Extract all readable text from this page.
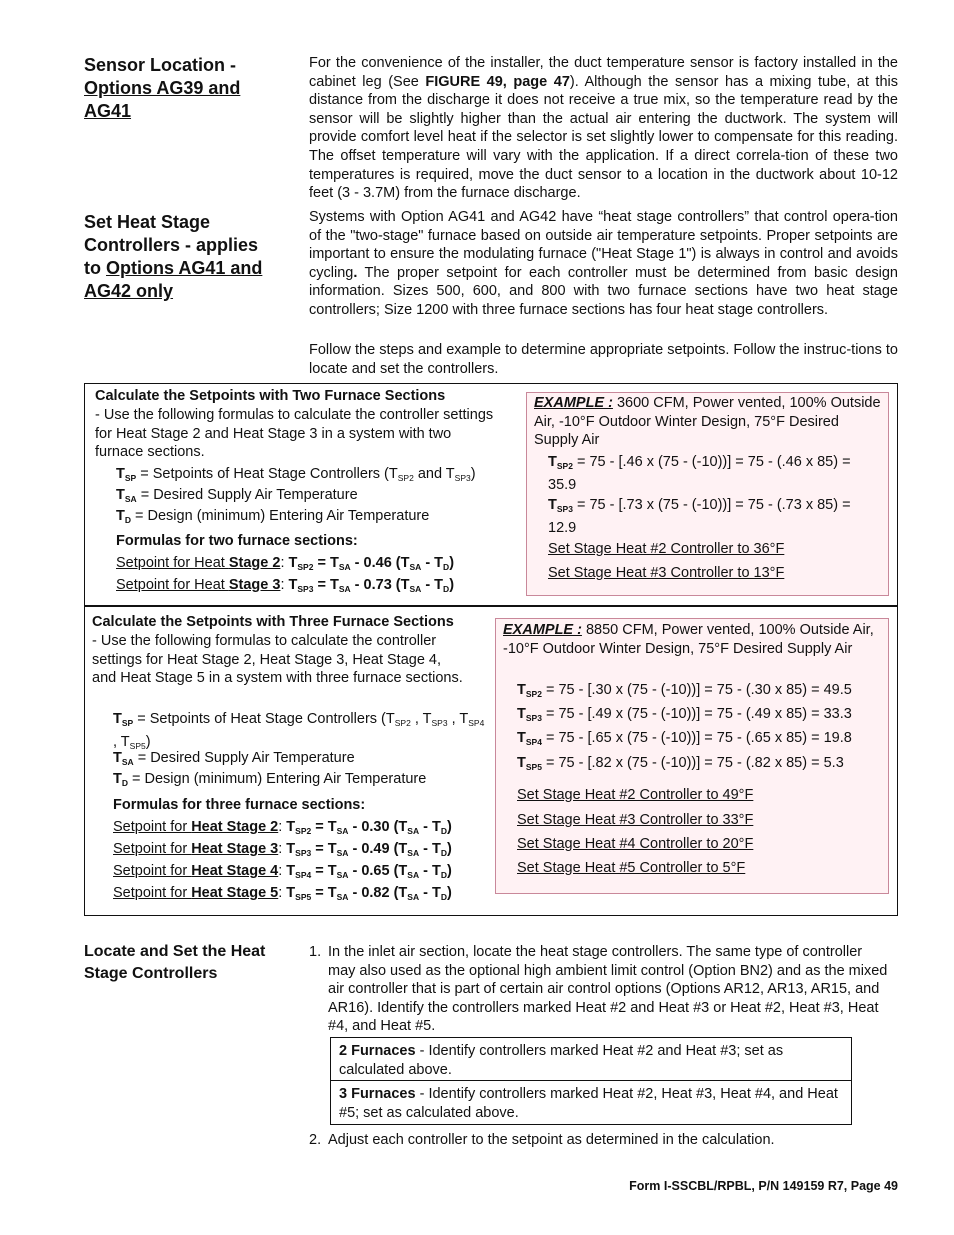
Sensor Location -
Options AG39 and
AG41
For the convenience of the installer, the duct temperature sensor is factory installed in the cabinet leg (See FIGURE 49, page 47). Although the sensor has a mixing tube, at this distance from the discharge it does not receive a true mix, so the temperature read by the sensor will be slightly higher than the actual air entering the ductwork. The system will provide comfort level heat if the selector is set slightly lower to compensate for this reading. The offset temperature will vary with the application. If a direct correla-tion of these two temperatures is required, move the duct sensor to a location in the ductwork about 10-12 feet (3 - 3.7M) from the furnace discharge.
Set Heat Stage
Controllers - applies
to Options AG41 and
AG42 only
Systems with Option AG41 and AG42 have “heat stage controllers” that control opera-tion of the "two-stage" furnace based on outside air temperature setpoints. Proper setpoints are important to ensure the modulating furnace ("Heat Stage 1") is always in control and avoids cycling. The proper setpoint for each controller must be determined from basic design information. Sizes 500, 600, and 800 with two furnace sections have two heat stage controllers; Size 1200 with three furnace sections has four heat stage controllers.
Follow the steps and example to determine appropriate setpoints. Follow the instruc-tions to locate and set the controllers.
Calculate the Setpoints with Two Furnace Sections
- Use the following formulas to calculate the controller settings for Heat Stage 2 and Heat Stage 3 in a system with two furnace sections.
$T_{SP}$ = Setpoints of Heat Stage Controllers ($T_{SP2}$ and $T_{SP3}$)
$T_{SA}$ = Desired Supply Air Temperature
$T_D$ = Design (minimum) Entering Air Temperature
Formulas for two furnace sections:
Setpoint for Heat Stage 2: $T_{SP2} = T_{SA} - 0.46$ $(T_{SA} - T_D)$
Setpoint for Heat Stage 3: $T_{SP3} = T_{SA} - 0.73$ $(T_{SA} - T_D)$
EXAMPLE : 3600 CFM, Power vented, 100% Outside Air, -10°F Outdoor Winter Design, 75°F Desired Supply Air
$T_{SP2} = 75 - [.46$ x (75 - (-10))] = 75 - (.46 x 85) = 35.9
$T_{SP3} = 75 - [.73$ x (75 - (-10))] = 75 - (.73 x 85) = 12.9
Set Stage Heat #2 Controller to 36°F
Set Stage Heat #3 Controller to 13°F
Calculate the Setpoints with Three Furnace Sections
- Use the following formulas to calculate the controller settings for Heat Stage 2, Heat Stage 3, Heat Stage 4, and Heat Stage 5 in a system with three furnace sections.
$T_{SP}$ = Setpoints of Heat Stage Controllers ($T_{SP2}$ , $T_{SP3}$ , $T_{SP4}$ , $T_{SP5}$)
$T_{SA}$ = Desired Supply Air Temperature
$T_D$ = Design (minimum) Entering Air Temperature
Formulas for three furnace sections:
Setpoint for Heat Stage 2: $T_{SP2} = T_{SA} - 0.30$ $(T_{SA} - T_D)$
Setpoint for Heat Stage 3: $T_{SP3} = T_{SA} - 0.49$ $(T_{SA} - T_D)$
Setpoint for Heat Stage 4: $T_{SP4} = T_{SA} - 0.65$ $(T_{SA} - T_D)$
Setpoint for Heat Stage 5: $T_{SP5} = T_{SA} - 0.82$ $(T_{SA} - T_D)$
EXAMPLE : 8850 CFM, Power vented, 100% Outside Air, -10°F Outdoor Winter Design, 75°F Desired Supply Air
$T_{SP2} = 75 - [.30$ x (75 - (-10))] = 75 - (.30 x 85) = 49.5
$T_{SP3} = 75 - [.49$ x (75 - (-10))] = 75 - (.49 x 85) = 33.3
$T_{SP4} = 75 - [.65$ x (75 - (-10))] = 75 - (.65 x 85) = 19.8
$T_{SP5} = 75 - [.82$ x (75 - (-10))] = 75 - (.82 x 85) = 5.3
Set Stage Heat #2 Controller to 49°F
Set Stage Heat #3 Controller to 33°F
Set Stage Heat #4 Controller to 20°F
Set Stage Heat #5 Controller to 5°F
Locate and Set the Heat
Stage Controllers
1. In the inlet air section, locate the heat stage controllers. The same type of controller may also used as the optional high ambient limit control (Option BN2) and as the mixed air controller that is part of certain air control options (Options AR12, AR13, AR15, and AR16). Identify the controllers marked Heat #2 and Heat #3 or Heat #2, Heat #3, Heat #4, and Heat #5.
2 Furnaces - Identify controllers marked Heat #2 and Heat #3; set as calculated above.
3 Furnaces - Identify controllers marked Heat #2, Heat #3, Heat #4, and Heat #5; set as calculated above.
2. Adjust each controller to the setpoint as determined in the calculation.
Form I-SSCBL/RPBL, P/N 149159 R7, Page 49
